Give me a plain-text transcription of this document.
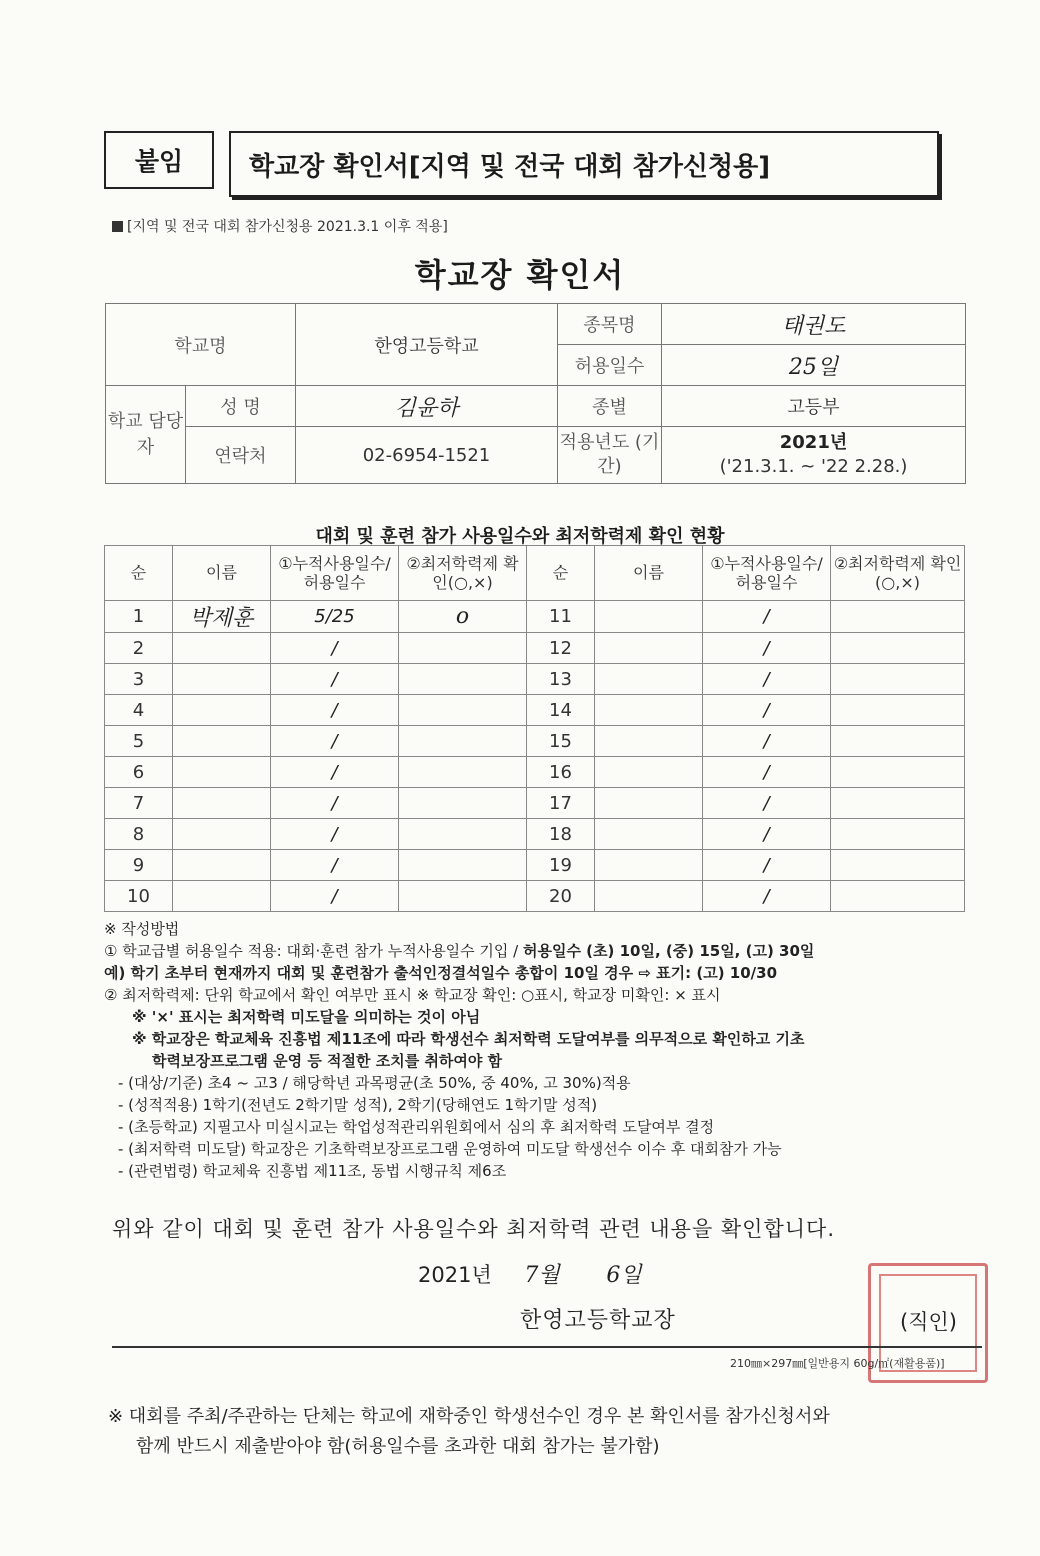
붙임	학교장 확인서[지역 및 전국 대회 참가신청용]
[지역 및 전국 대회 참가신청용 2021.3.1 이후 적용]
학교장 확인서
학교명		한영고등학교	종목명	태권도
			허용일수	25일
학교 담당자	성 명	김윤하	종별	고등부
	연락처	02-6954-1521	적용년도 (기간)	2021년
('21.3.1. ~ '22 2.28.)
대회 및 훈련 참가 사용일수와 최저학력제 확인 현황
순	이름	①누적사용일수/허용일수	②최저학력제 확인(○,×)	순	이름	①누적사용일수/허용일수	②최저학력제 확인(○,×)
1	박제훈	5/25	o	11		/	
2		/		12		/	
3		/		13		/	
4		/		14		/	
5		/		15		/	
6		/		16		/	
7		/		17		/	
8		/		18		/	
9		/		19		/	
10		/		20		/	

※ 작성방법

① 학교급별 허용일수 적용: 대회·훈련 참가 누적사용일수 기입 / 허용일수 (초) 10일, (중) 15일, (고) 30일

예) 학기 초부터 현재까지 대회 및 훈련참가 출석인정결석일수 총합이 10일 경우 ⇨ 표기: (고) 10/30

② 최저학력제: 단위 학교에서 확인 여부만 표시 ※ 학교장 확인: ○표시, 학교장 미확인: × 표시

※ '×' 표시는 최저학력 미도달을 의미하는 것이 아님

※ 학교장은 학교체육 진흥법 제11조에 따라 학생선수 최저학력 도달여부를 의무적으로 확인하고 기초

학력보장프로그램 운영 등 적절한 조치를 취하여야 함

- (대상/기준) 초4 ~ 고3 / 해당학년 과목평균(초 50%, 중 40%, 고 30%)적용

- (성적적용) 1학기(전년도 2학기말 성적), 2학기(당해연도 1학기말 성적)

- (초등학교) 지필고사 미실시교는 학업성적관리위원회에서 심의 후 최저학력 도달여부 결정

- (최저학력 미도달) 학교장은 기초학력보장프로그램 운영하여 미도달 학생선수 이수 후 대회참가 가능

- (관련법령) 학교체육 진흥법 제11조, 동법 시행규칙 제6조

위와 같이 대회 및 훈련 참가 사용일수와 최저학력 관련 내용을 확인합니다.
2021년 7월 6일
한영고등학교장	(직인)
210㎜×297㎜[일반용지 60g/㎡(재활용품)]
※ 대회를 주최/주관하는 단체는 학교에 재학중인 학생선수인 경우 본 확인서를 참가신청서와
함께 반드시 제출받아야 함(허용일수를 초과한 대회 참가는 불가함)
